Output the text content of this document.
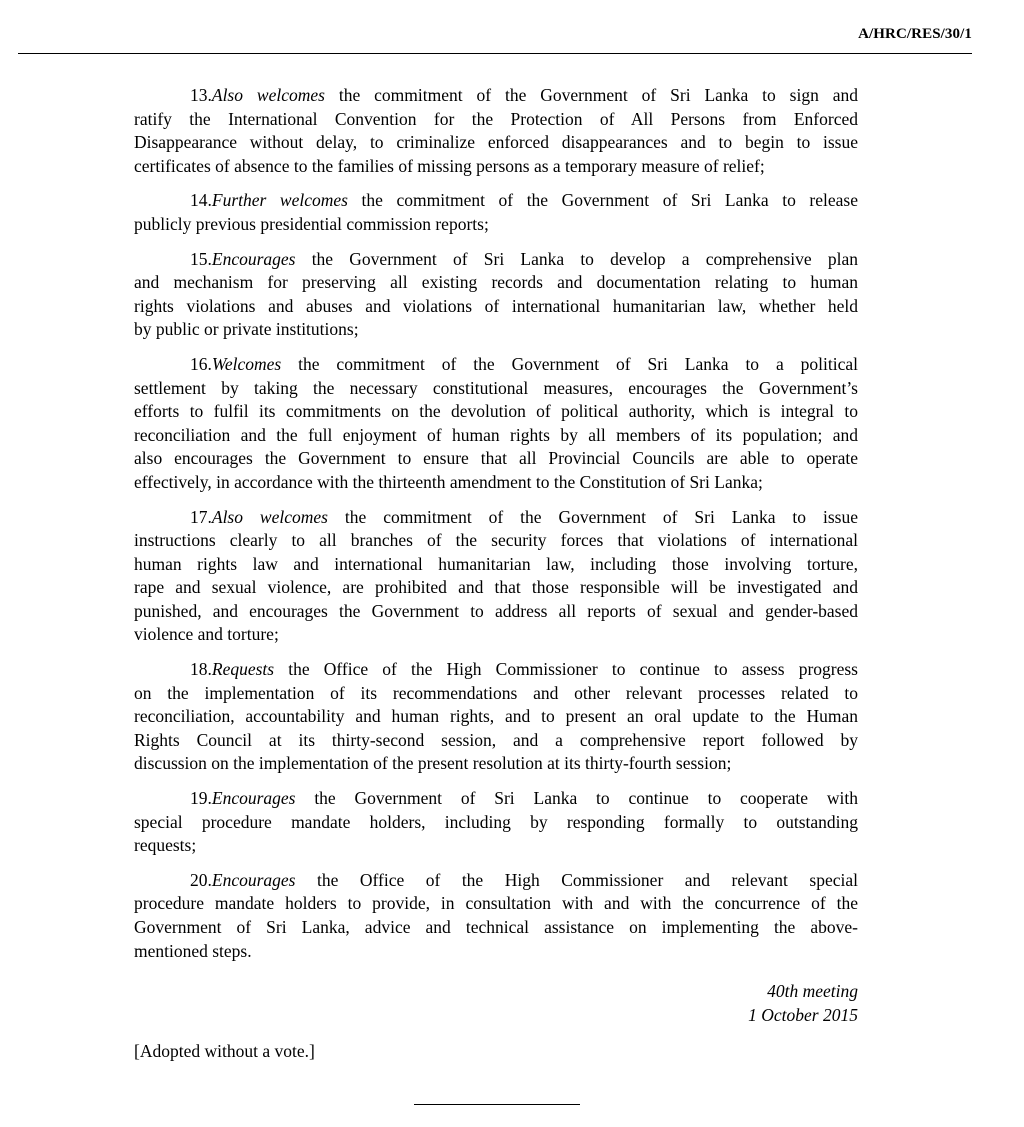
A/HRC/RES/30/1
13.Also welcomes the commitment of the Government of Sri Lanka to sign and
ratify the International Convention for the Protection of All Persons from Enforced
Disappearance without delay, to criminalize enforced disappearances and to begin to issue
certificates of absence to the families of missing persons as a temporary measure of relief;
14.Further welcomes the commitment of the Government of Sri Lanka to release
publicly previous presidential commission reports;
15.Encourages the Government of Sri Lanka to develop a comprehensive plan
and mechanism for preserving all existing records and documentation relating to human
rights violations and abuses and violations of international humanitarian law, whether held
by public or private institutions;
16.Welcomes the commitment of the Government of Sri Lanka to a political
settlement by taking the necessary constitutional measures, encourages the Government’s
efforts to fulfil its commitments on the devolution of political authority, which is integral to
reconciliation and the full enjoyment of human rights by all members of its population; and
also encourages the Government to ensure that all Provincial Councils are able to operate
effectively, in accordance with the thirteenth amendment to the Constitution of Sri Lanka;
17.Also welcomes the commitment of the Government of Sri Lanka to issue
instructions clearly to all branches of the security forces that violations of international
human rights law and international humanitarian law, including those involving torture,
rape and sexual violence, are prohibited and that those responsible will be investigated and
punished, and encourages the Government to address all reports of sexual and gender-based
violence and torture;
18.Requests the Office of the High Commissioner to continue to assess progress
on the implementation of its recommendations and other relevant processes related to
reconciliation, accountability and human rights, and to present an oral update to the Human
Rights Council at its thirty-second session, and a comprehensive report followed by
discussion on the implementation of the present resolution at its thirty-fourth session;
19.Encourages the Government of Sri Lanka to continue to cooperate with
special procedure mandate holders, including by responding formally to outstanding
requests;
20.Encourages the Office of the High Commissioner and relevant special
procedure mandate holders to provide, in consultation with and with the concurrence of the
Government of Sri Lanka, advice and technical assistance on implementing the above-
mentioned steps.
40th meeting
1 October 2015
[Adopted without a vote.]
